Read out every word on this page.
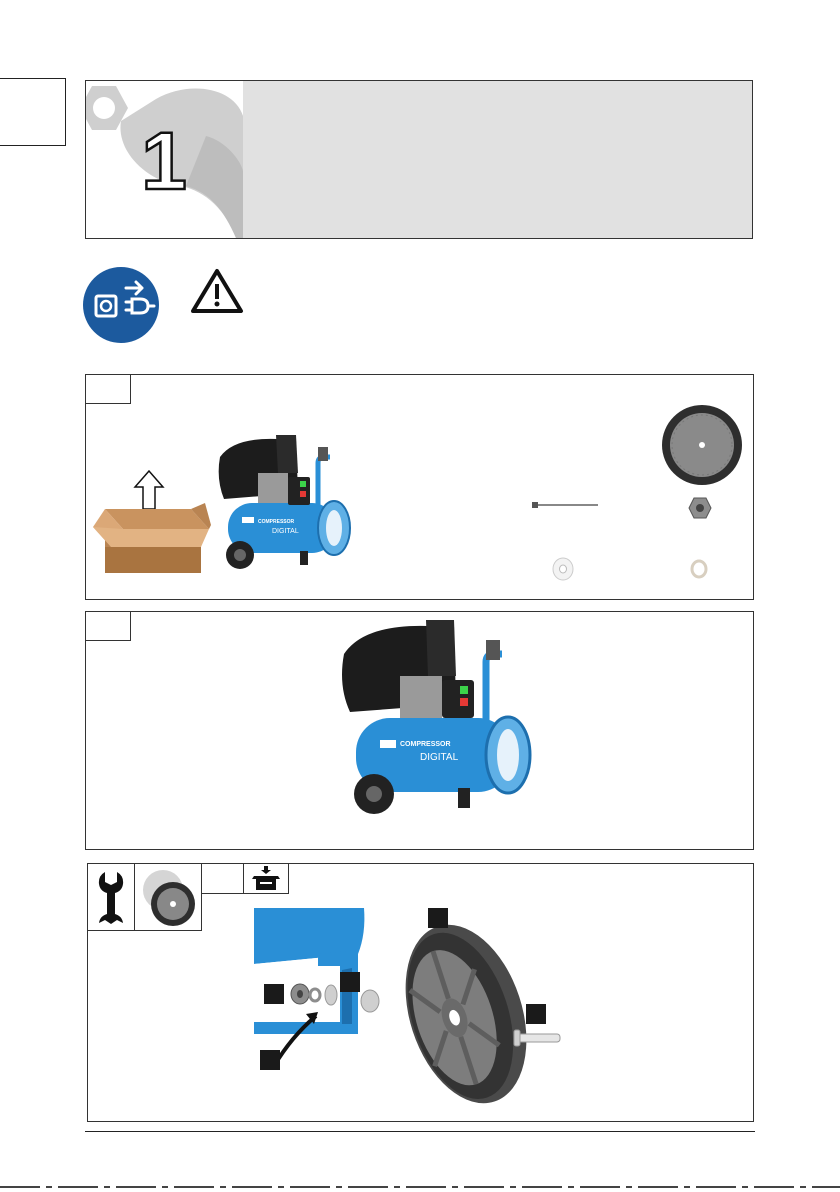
1
COMPRESSOR
DIGITAL
COMPRESSOR
DIGITAL
